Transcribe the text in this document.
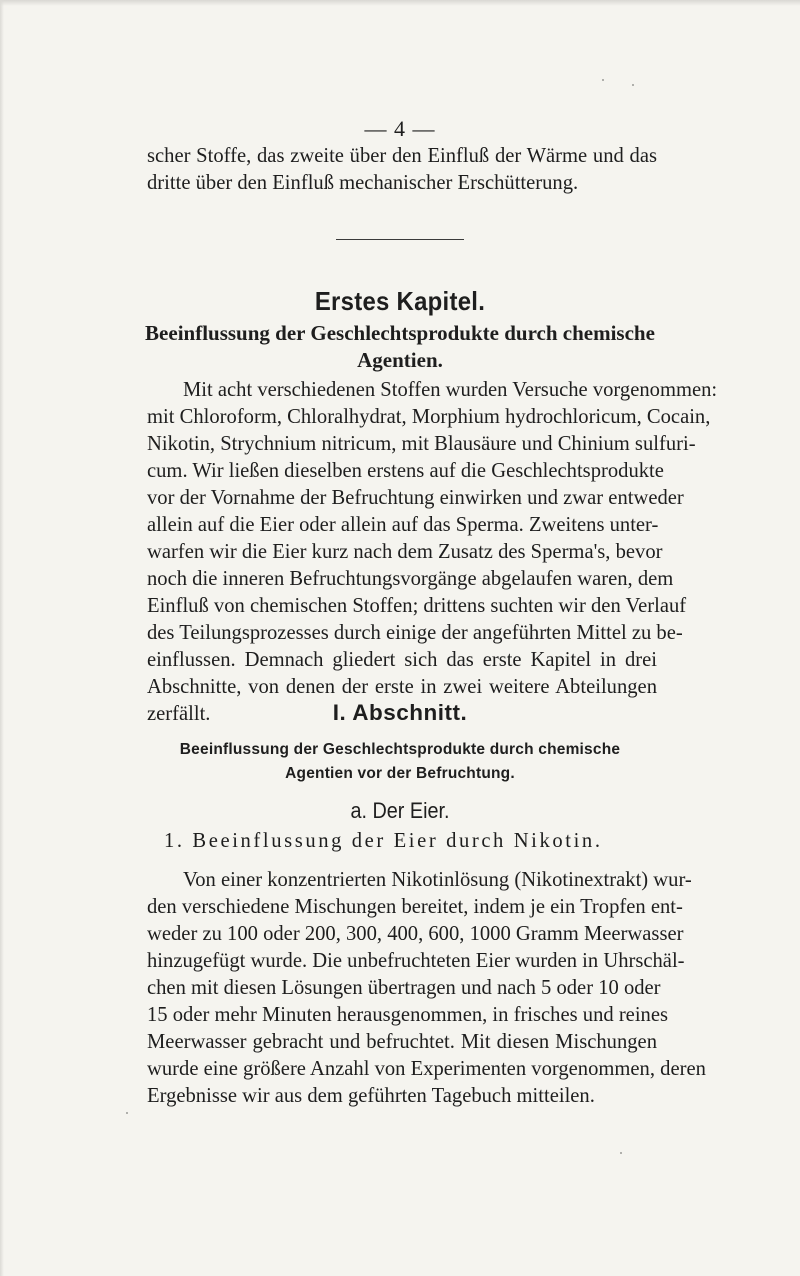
— 4 —
scher Stoffe, das zweite über den Einfluß der Wärme und das
dritte über den Einfluß mechanischer Erschütterung.
Erstes Kapitel.
Beeinflussung der Geschlechtsprodukte durch chemische
Agentien.
Mit acht verschiedenen Stoffen wurden Versuche vorgenommen:
mit Chloroform, Chloralhydrat, Morphium hydrochloricum, Cocain,
Nikotin, Strychnium nitricum, mit Blausäure und Chinium sulfuri-
cum. Wir ließen dieselben erstens auf die Geschlechtsprodukte
vor der Vornahme der Befruchtung einwirken und zwar entweder
allein auf die Eier oder allein auf das Sperma. Zweitens unter-
warfen wir die Eier kurz nach dem Zusatz des Sperma's, bevor
noch die inneren Befruchtungsvorgänge abgelaufen waren, dem
Einfluß von chemischen Stoffen; drittens suchten wir den Verlauf
des Teilungsprozesses durch einige der angeführten Mittel zu be-
einflussen. Demnach gliedert sich das erste Kapitel in drei
Abschnitte, von denen der erste in zwei weitere Abteilungen
zerfällt.	I. Abschnitt.
Beeinflussung der Geschlechtsprodukte durch chemische
Agentien vor der Befruchtung.
a. Der Eier.
1. Beeinflussung der Eier durch Nikotin.
Von einer konzentrierten Nikotinlösung (Nikotinextrakt) wur-
den verschiedene Mischungen bereitet, indem je ein Tropfen ent-
weder zu 100 oder 200, 300, 400, 600, 1000 Gramm Meerwasser
hinzugefügt wurde. Die unbefruchteten Eier wurden in Uhrschäl-
chen mit diesen Lösungen übertragen und nach 5 oder 10 oder
15 oder mehr Minuten herausgenommen, in frisches und reines
Meerwasser gebracht und befruchtet. Mit diesen Mischungen
wurde eine größere Anzahl von Experimenten vorgenommen, deren
Ergebnisse wir aus dem geführten Tagebuch mitteilen.
